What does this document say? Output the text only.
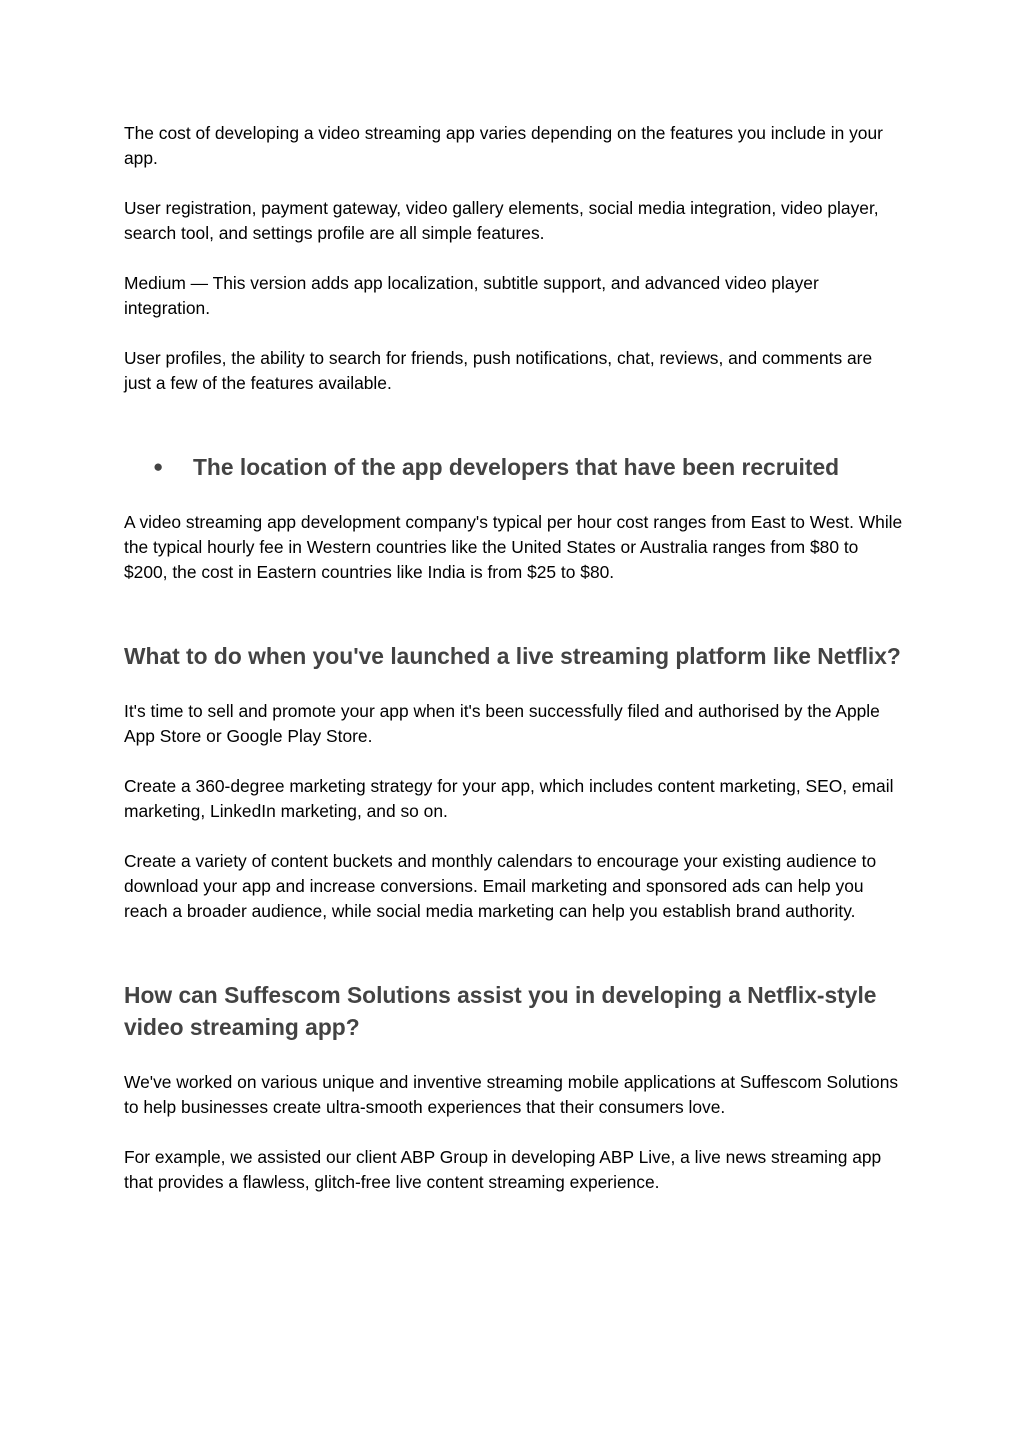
The cost of developing a video streaming app varies depending on the features you include in your app.

User registration, payment gateway, video gallery elements, social media integration, video player, search tool, and settings profile are all simple features.

Medium — This version adds app localization, subtitle support, and advanced video player integration.

User profiles, the ability to search for friends, push notifications, chat, reviews, and comments are just a few of the features available.

● The location of the app developers that have been recruited

A video streaming app development company's typical per hour cost ranges from East to West. While the typical hourly fee in Western countries like the United States or Australia ranges from $80 to $200, the cost in Eastern countries like India is from $25 to $80.

What to do when you've launched a live streaming platform like Netflix?

It's time to sell and promote your app when it's been successfully filed and authorised by the Apple App Store or Google Play Store.

Create a 360-degree marketing strategy for your app, which includes content marketing, SEO, email marketing, LinkedIn marketing, and so on.

Create a variety of content buckets and monthly calendars to encourage your existing audience to download your app and increase conversions. Email marketing and sponsored ads can help you reach a broader audience, while social media marketing can help you establish brand authority.

How can Suffescom Solutions assist you in developing a Netflix-style video streaming app?

We've worked on various unique and inventive streaming mobile applications at Suffescom Solutions to help businesses create ultra-smooth experiences that their consumers love.

For example, we assisted our client ABP Group in developing ABP Live, a live news streaming app that provides a flawless, glitch-free live content streaming experience.
